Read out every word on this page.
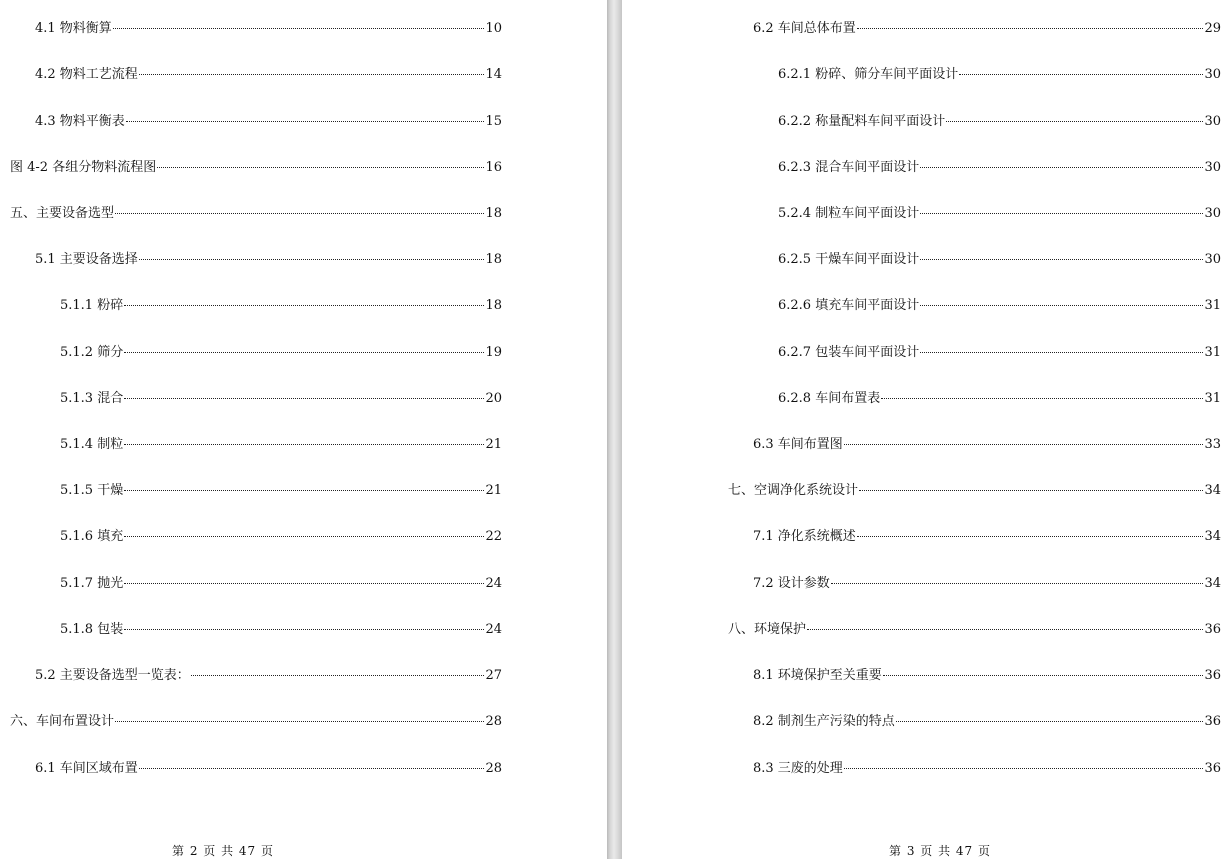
4.1 物料衡算	10
4.2 物料工艺流程	14
4.3 物料平衡表	15
图 4-2 各组分物料流程图	16
五、主要设备选型	18
5.1 主要设备选择	18
5.1.1 粉碎	18
5.1.2 筛分	19
5.1.3 混合	20
5.1.4 制粒	21
5.1.5 干燥	21
5.1.6 填充	22
5.1.7 抛光	24
5.1.8 包装	24
5.2 主要设备选型一览表：	27
六、车间布置设计	28
6.1 车间区域布置	28
第 2 页 共 47 页
6.2 车间总体布置	29
6.2.1 粉碎、筛分车间平面设计	30
6.2.2 称量配料车间平面设计	30
6.2.3 混合车间平面设计	30
5.2.4 制粒车间平面设计	30
6.2.5 干燥车间平面设计	30
6.2.6 填充车间平面设计	31
6.2.7 包装车间平面设计	31
6.2.8 车间布置表	31
6.3 车间布置图	33
七、空调净化系统设计	34
7.1 净化系统概述	34
7.2 设计参数	34
八、环境保护	36
8.1 环境保护至关重要	36
8.2 制剂生产污染的特点	36
8.3 三废的处理	36
第 3 页 共 47 页
